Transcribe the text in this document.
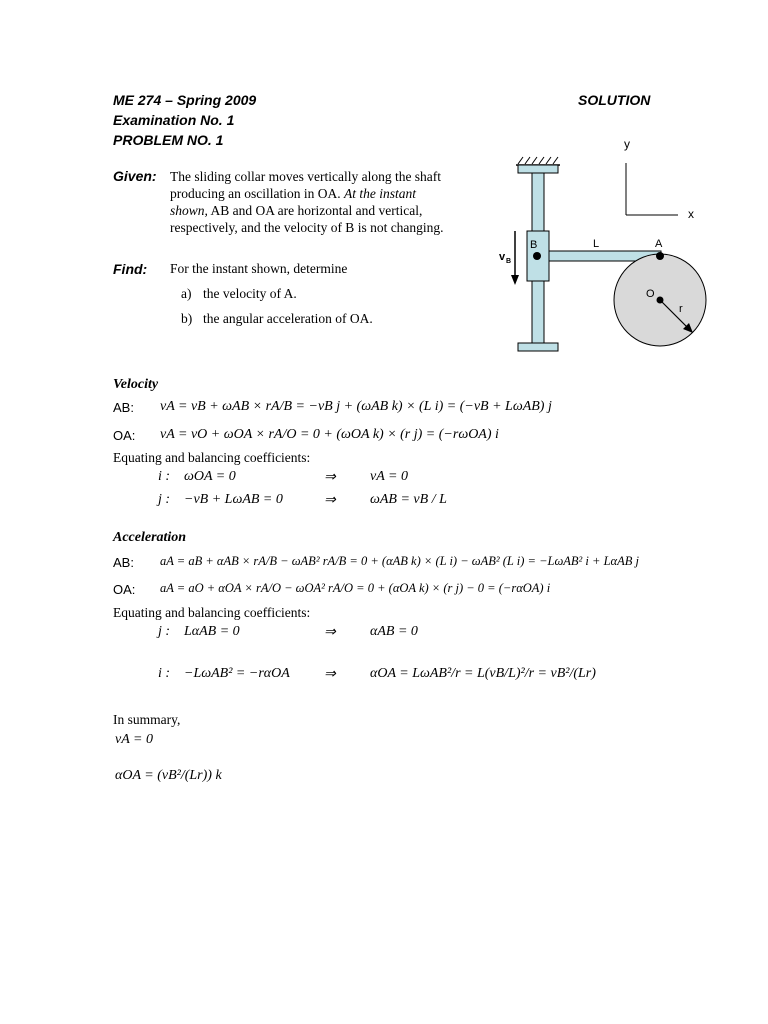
ME 274 – Spring 2009
Examination No. 1
PROBLEM NO. 1
SOLUTION
Given: The sliding collar moves vertically along the shaft
producing an oscillation in OA. At the instant
shown, AB and OA are horizontal and vertical,
respectively, and the velocity of B is not changing.
Find: For the instant shown, determine
a) the velocity of A.
b) the angular acceleration of OA.
y
x
B	L	A
v B
O
r
Velocity
AB: vA = vB + ωAB × rA/B = −vB j + (ωAB k) × (L i) = (−vB + LωAB) j
OA: vA = vO + ωOA × rA/O = 0 + (ωOA k) × (r j) = (−rωOA) i
Equating and balancing coefficients:
i : ωOA = 0	⇒ vA = 0
j : −vB + LωAB = 0	⇒ ωAB = vB / L
Acceleration
AB: aA = aB + αAB × rA/B − ωAB² rA/B = 0 + (αAB k) × (L i) − ωAB² (L i) = −LωAB² i + LαAB j
OA: aA = aO + αOA × rA/O − ωOA² rA/O = 0 + (αOA k) × (r j) − 0 = (−rαOA) i
Equating and balancing coefficients:
j : LαAB = 0	⇒ αAB = 0
i : −LωAB² = −rαOA ⇒ αOA = LωAB²/r = L(vB/L)²/r = vB²/(Lr)
In summary,
vA = 0
αOA = (vB²/(Lr)) k
